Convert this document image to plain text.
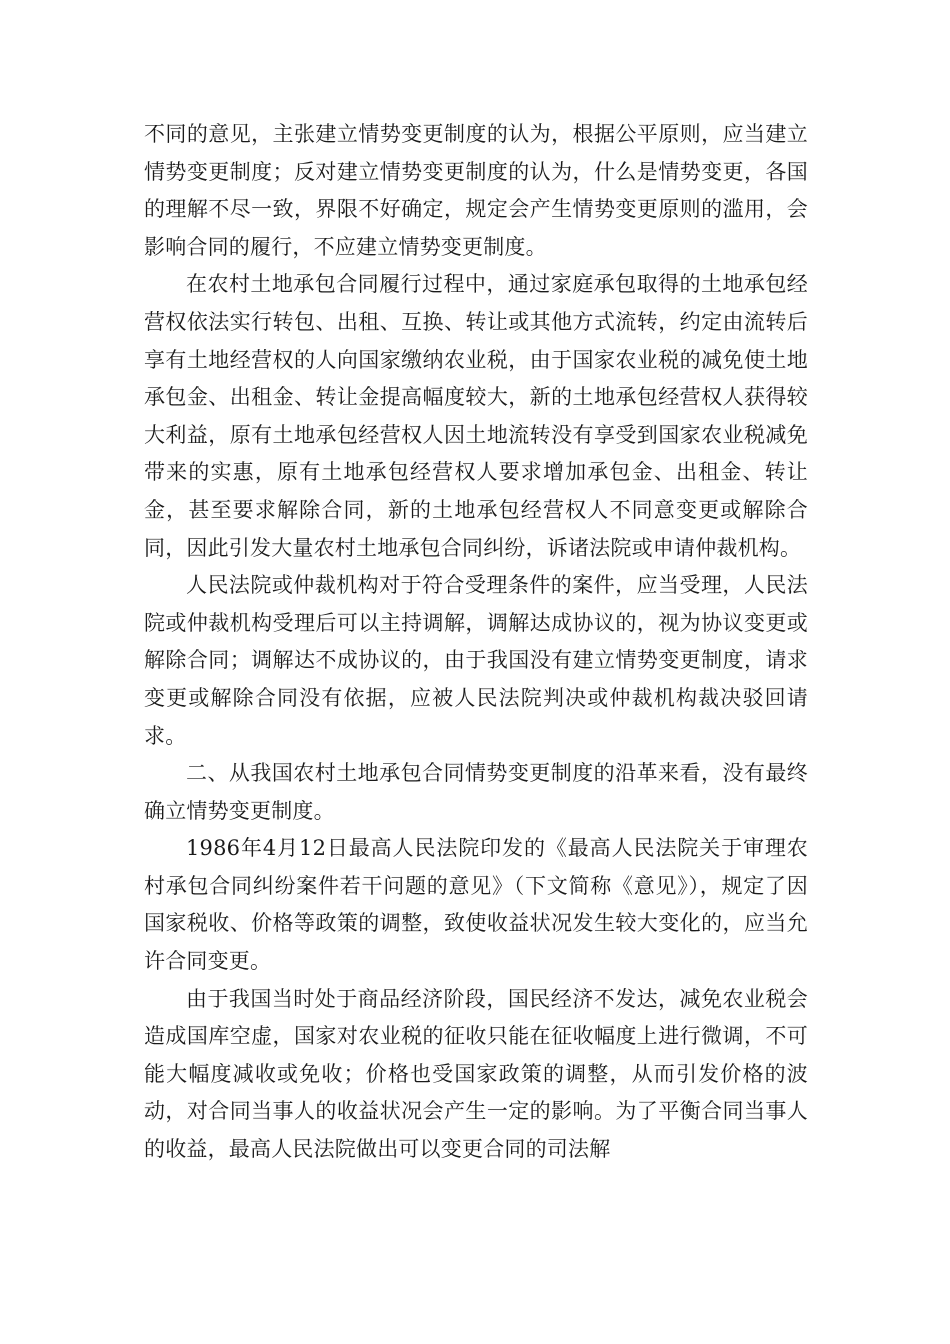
不同的意见，主张建立情势变更制度的认为，根据公平原则，应当建立情势变更制度；反对建立情势变更制度的认为，什么是情势变更，各国的理解不尽一致，界限不好确定，规定会产生情势变更原则的滥用，会影响合同的履行，不应建立情势变更制度。

在农村土地承包合同履行过程中，通过家庭承包取得的土地承包经营权依法实行转包、出租、互换、转让或其他方式流转，约定由流转后享有土地经营权的人向国家缴纳农业税，由于国家农业税的减免使土地承包金、出租金、转让金提高幅度较大，新的土地承包经营权人获得较大利益，原有土地承包经营权人因土地流转没有享受到国家农业税减免带来的实惠，原有土地承包经营权人要求增加承包金、出租金、转让金，甚至要求解除合同，新的土地承包经营权人不同意变更或解除合同，因此引发大量农村土地承包合同纠纷，诉诸法院或申请仲裁机构。

人民法院或仲裁机构对于符合受理条件的案件，应当受理，人民法院或仲裁机构受理后可以主持调解，调解达成协议的，视为协议变更或解除合同；调解达不成协议的，由于我国没有建立情势变更制度，请求变更或解除合同没有依据，应被人民法院判决或仲裁机构裁决驳回请求。

二、从我国农村土地承包合同情势变更制度的沿革来看，没有最终确立情势变更制度。

1986年4月12日最高人民法院印发的《最高人民法院关于审理农村承包合同纠纷案件若干问题的意见》（下文简称《意见》），规定了因国家税收、价格等政策的调整，致使收益状况发生较大变化的，应当允许合同变更。

由于我国当时处于商品经济阶段，国民经济不发达，减免农业税会造成国库空虚，国家对农业税的征收只能在征收幅度上进行微调，不可能大幅度减收或免收；价格也受国家政策的调整，从而引发价格的波动，对合同当事人的收益状况会产生一定的影响。为了平衡合同当事人的收益，最高人民法院做出可以变更合同的司法解
